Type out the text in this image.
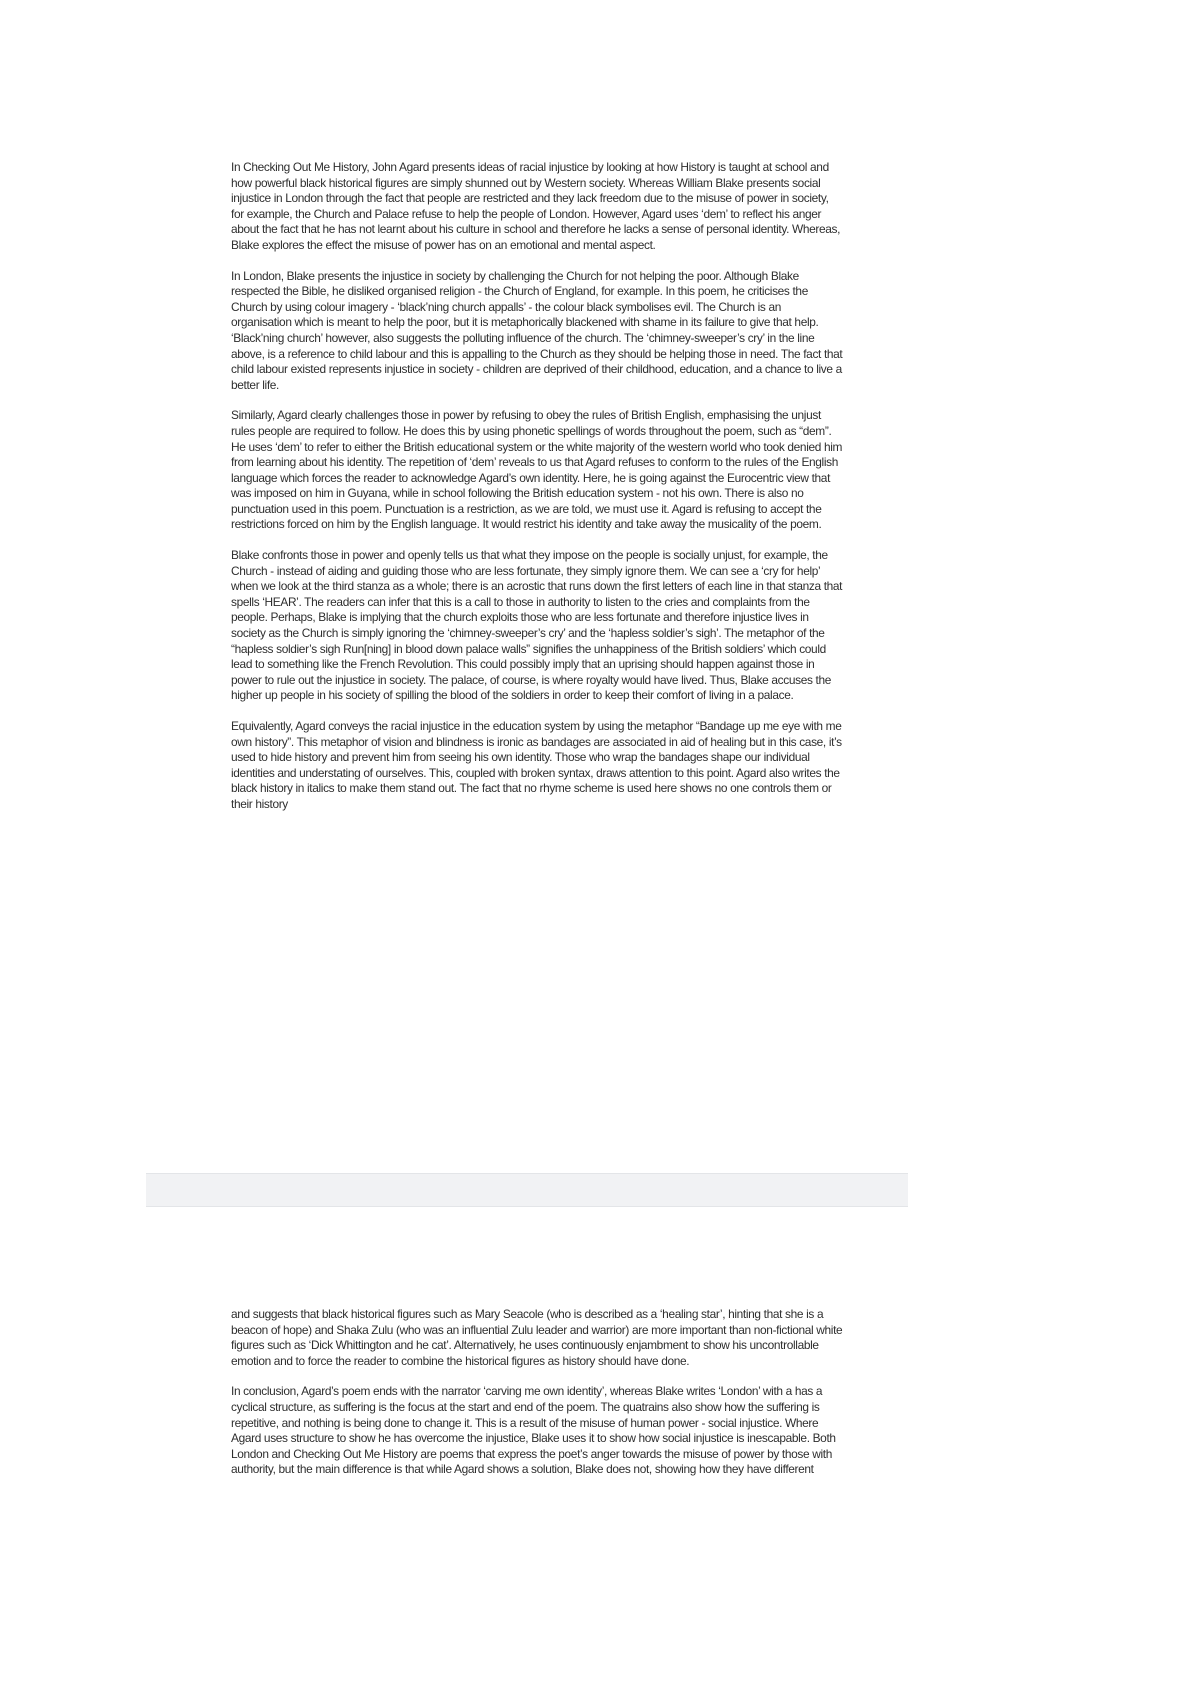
In Checking Out Me History, John Agard presents ideas of racial injustice by looking at how History is taught at school and how powerful black historical figures are simply shunned out by Western society. Whereas William Blake presents social injustice in London through the fact that people are restricted and they lack freedom due to the misuse of power in society, for example, the Church and Palace refuse to help the people of London. However, Agard uses ‘dem’ to reflect his anger about the fact that he has not learnt about his culture in school and therefore he lacks a sense of personal identity. Whereas, Blake explores the effect the misuse of power has on an emotional and mental aspect.

In London, Blake presents the injustice in society by challenging the Church for not helping the poor. Although Blake respected the Bible, he disliked organised religion - the Church of England, for example. In this poem, he criticises the Church by using colour imagery - ‘black’ning church appalls’ - the colour black symbolises evil. The Church is an organisation which is meant to help the poor, but it is metaphorically blackened with shame in its failure to give that help. ‘Black’ning church’ however, also suggests the polluting influence of the church. The ‘chimney-sweeper’s cry’ in the line above, is a reference to child labour and this is appalling to the Church as they should be helping those in need. The fact that child labour existed represents injustice in society - children are deprived of their childhood, education, and a chance to live a better life.

Similarly, Agard clearly challenges those in power by refusing to obey the rules of British English, emphasising the unjust rules people are required to follow. He does this by using phonetic spellings of words throughout the poem, such as “dem”. He uses ‘dem’ to refer to either the British educational system or the white majority of the western world who took denied him from learning about his identity. The repetition of ‘dem’ reveals to us that Agard refuses to conform to the rules of the English language which forces the reader to acknowledge Agard’s own identity. Here, he is going against the Eurocentric view that was imposed on him in Guyana, while in school following the British education system - not his own. There is also no punctuation used in this poem. Punctuation is a restriction, as we are told, we must use it. Agard is refusing to accept the restrictions forced on him by the English language. It would restrict his identity and take away the musicality of the poem.

Blake confronts those in power and openly tells us that what they impose on the people is socially unjust, for example, the Church - instead of aiding and guiding those who are less fortunate, they simply ignore them. We can see a ‘cry for help’ when we look at the third stanza as a whole; there is an acrostic that runs down the first letters of each line in that stanza that spells ‘HEAR’. The readers can infer that this is a call to those in authority to listen to the cries and complaints from the people. Perhaps, Blake is implying that the church exploits those who are less fortunate and therefore injustice lives in society as the Church is simply ignoring the ‘chimney-sweeper’s cry’ and the ‘hapless soldier’s sigh’. The metaphor of the “hapless soldier’s sigh Run[ning] in blood down palace walls” signifies the unhappiness of the British soldiers’ which could lead to something like the French Revolution. This could possibly imply that an uprising should happen against those in power to rule out the injustice in society. The palace, of course, is where royalty would have lived. Thus, Blake accuses the higher up people in his society of spilling the blood of the soldiers in order to keep their comfort of living in a palace.

Equivalently, Agard conveys the racial injustice in the education system by using the metaphor “Bandage up me eye with me own history”. This metaphor of vision and blindness is ironic as bandages are associated in aid of healing but in this case, it’s used to hide history and prevent him from seeing his own identity. Those who wrap the bandages shape our individual identities and understating of ourselves. This, coupled with broken syntax, draws attention to this point. Agard also writes the black history in italics to make them stand out. The fact that no rhyme scheme is used here shows no one controls them or their history

and suggests that black historical figures such as Mary Seacole (who is described as a ‘healing star’, hinting that she is a beacon of hope) and Shaka Zulu (who was an influential Zulu leader and warrior) are more important than non-fictional white figures such as ‘Dick Whittington and he cat’. Alternatively, he uses continuously enjambment to show his uncontrollable emotion and to force the reader to combine the historical figures as history should have done.

In conclusion, Agard’s poem ends with the narrator ‘carving me own identity’, whereas Blake writes ‘London’ with a has a cyclical structure, as suffering is the focus at the start and end of the poem. The quatrains also show how the suffering is repetitive, and nothing is being done to change it. This is a result of the misuse of human power - social injustice. Where Agard uses structure to show he has overcome the injustice, Blake uses it to show how social injustice is inescapable. Both London and Checking Out Me History are poems that express the poet’s anger towards the misuse of power by those with authority, but the main difference is that while Agard shows a solution, Blake does not, showing how they have different
